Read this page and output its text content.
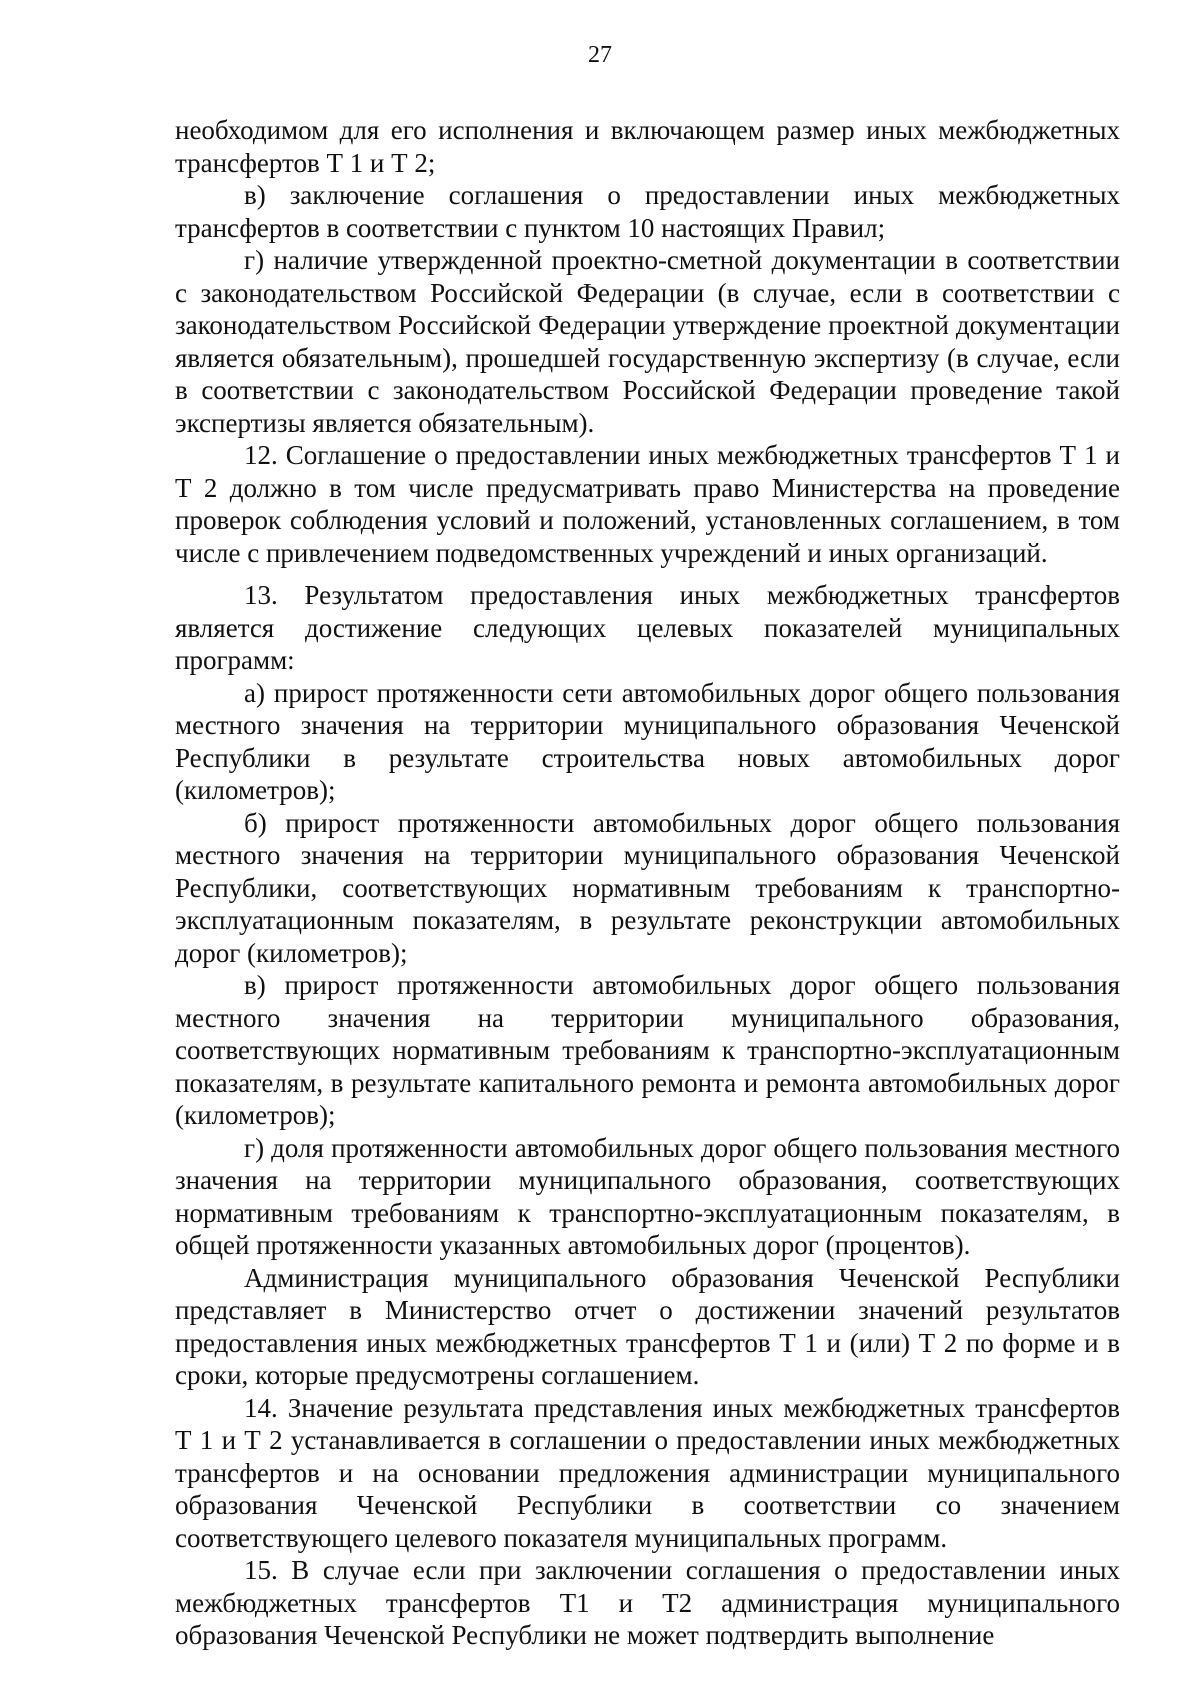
27

необходимом для его исполнения и включающем размер иных межбюджетных трансфертов Т 1 и Т 2;

в) заключение соглашения о предоставлении иных межбюджетных трансфертов в соответствии с пунктом 10 настоящих Правил;

г) наличие утвержденной проектно-сметной документации в соответствии с законодательством Российской Федерации (в случае, если в соответствии с законодательством Российской Федерации утверждение проектной документации является обязательным), прошедшей государственную экспертизу (в случае, если в соответствии с законодательством Российской Федерации проведение такой экспертизы является обязательным).

12. Соглашение о предоставлении иных межбюджетных трансфертов Т 1 и Т 2 должно в том числе предусматривать право Министерства на проведение проверок соблюдения условий и положений, установленных соглашением, в том числе с привлечением подведомственных учреждений и иных организаций.

13. Результатом предоставления иных межбюджетных трансфертов является достижение следующих целевых показателей муниципальных программ:

а) прирост протяженности сети автомобильных дорог общего пользования местного значения на территории муниципального образования Чеченской Республики в результате строительства новых автомобильных дорог (километров);

б) прирост протяженности автомобильных дорог общего пользования местного значения на территории муниципального образования Чеченской Республики, соответствующих нормативным требованиям к транспортно-эксплуатационным показателям, в результате реконструкции автомобильных дорог (километров);

в) прирост протяженности автомобильных дорог общего пользования местного значения на территории муниципального образования, соответствующих нормативным требованиям к транспортно-эксплуатационным показателям, в результате капитального ремонта и ремонта автомобильных дорог (километров);

г) доля протяженности автомобильных дорог общего пользования местного значения на территории муниципального образования, соответствующих нормативным требованиям к транспортно-эксплуатационным показателям, в общей протяженности указанных автомобильных дорог (процентов).

Администрация муниципального образования Чеченской Республики представляет в Министерство отчет о достижении значений результатов предоставления иных межбюджетных трансфертов Т 1 и (или) Т 2 по форме и в сроки, которые предусмотрены соглашением.

14. Значение результата представления иных межбюджетных трансфертов Т 1 и Т 2 устанавливается в соглашении о предоставлении иных межбюджетных трансфертов и на основании предложения администрации муниципального образования Чеченской Республики в соответствии со значением соответствующего целевого показателя муниципальных программ.

15. В случае если при заключении соглашения о предоставлении иных межбюджетных трансфертов Т1 и Т2 администрация муниципального образования Чеченской Республики не может подтвердить выполнение
